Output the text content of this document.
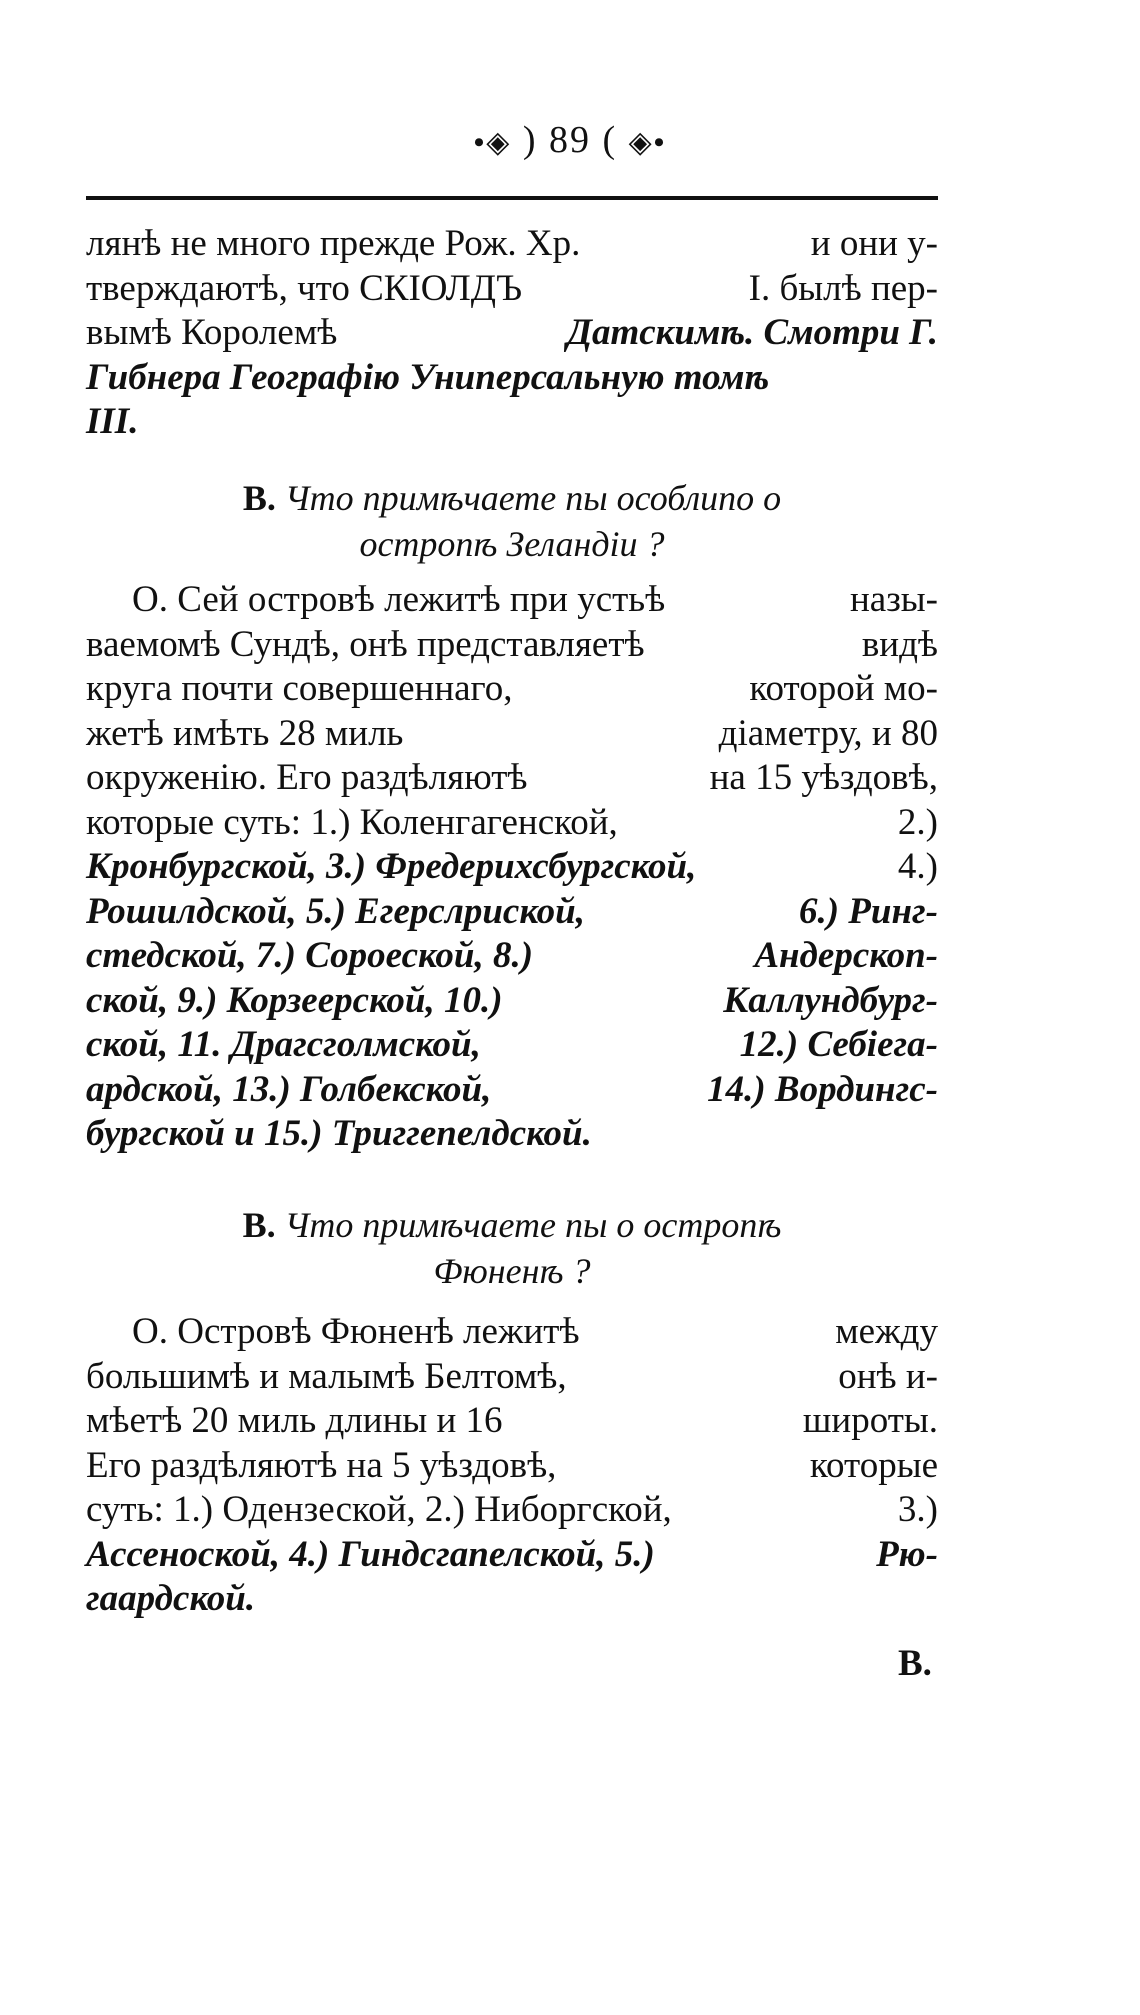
•◈ ) 89 ( ◈•
лянѣ не много прежде Рож. Хр.	и они у-
тверждаютѣ, что СКІОЛДЪ	I. былѣ пер-
вымѣ Королемѣ	Датскимѣ. Смотри Г.
Гибнера Географію Униперсальную томѣ
III.
В. Что примѣчаете пы особлипо о
остропѣ Зеландіи ?
О. Сей островѣ лежитѣ при устьѣ	назы-
ваемомѣ Сундѣ, онѣ представляетѣ	видѣ
круга почти совершеннаго,	которой мо-
жетѣ имѣть 28 миль	діаметру, и 80
окруженію. Его раздѣляютѣ	на 15 уѣздовѣ,
которые суть: 1.) Коленгагенской,	2.)
Кронбургской, 3.) Фредерихсбургской,	4.)
Рошилдской, 5.) Егерслриской,	6.) Ринг-
стедской, 7.) Сороеской, 8.)	Андерскоп-
ской, 9.) Корзеерской, 10.)	Каллундбург-
ской, 11. Драгсголмской,	12.) Себіега-
ардской, 13.) Голбекской,	14.) Вордингс-
бургской и 15.) Триггепелдской.
В. Что примѣчаете пы о остропѣ
Фюненѣ ?
О. Островѣ Фюненѣ лежитѣ	между
большимѣ и малымѣ Белтомѣ,	онѣ и-
мѣетѣ 20 миль длины и 16	широты.
Его раздѣляютѣ на 5 уѣздовѣ,	которые
суть: 1.) Одензеской, 2.) Ниборгской,	3.)
Ассеноской, 4.) Гиндсгапелской, 5.)	Рю-
гаардской.
В.
